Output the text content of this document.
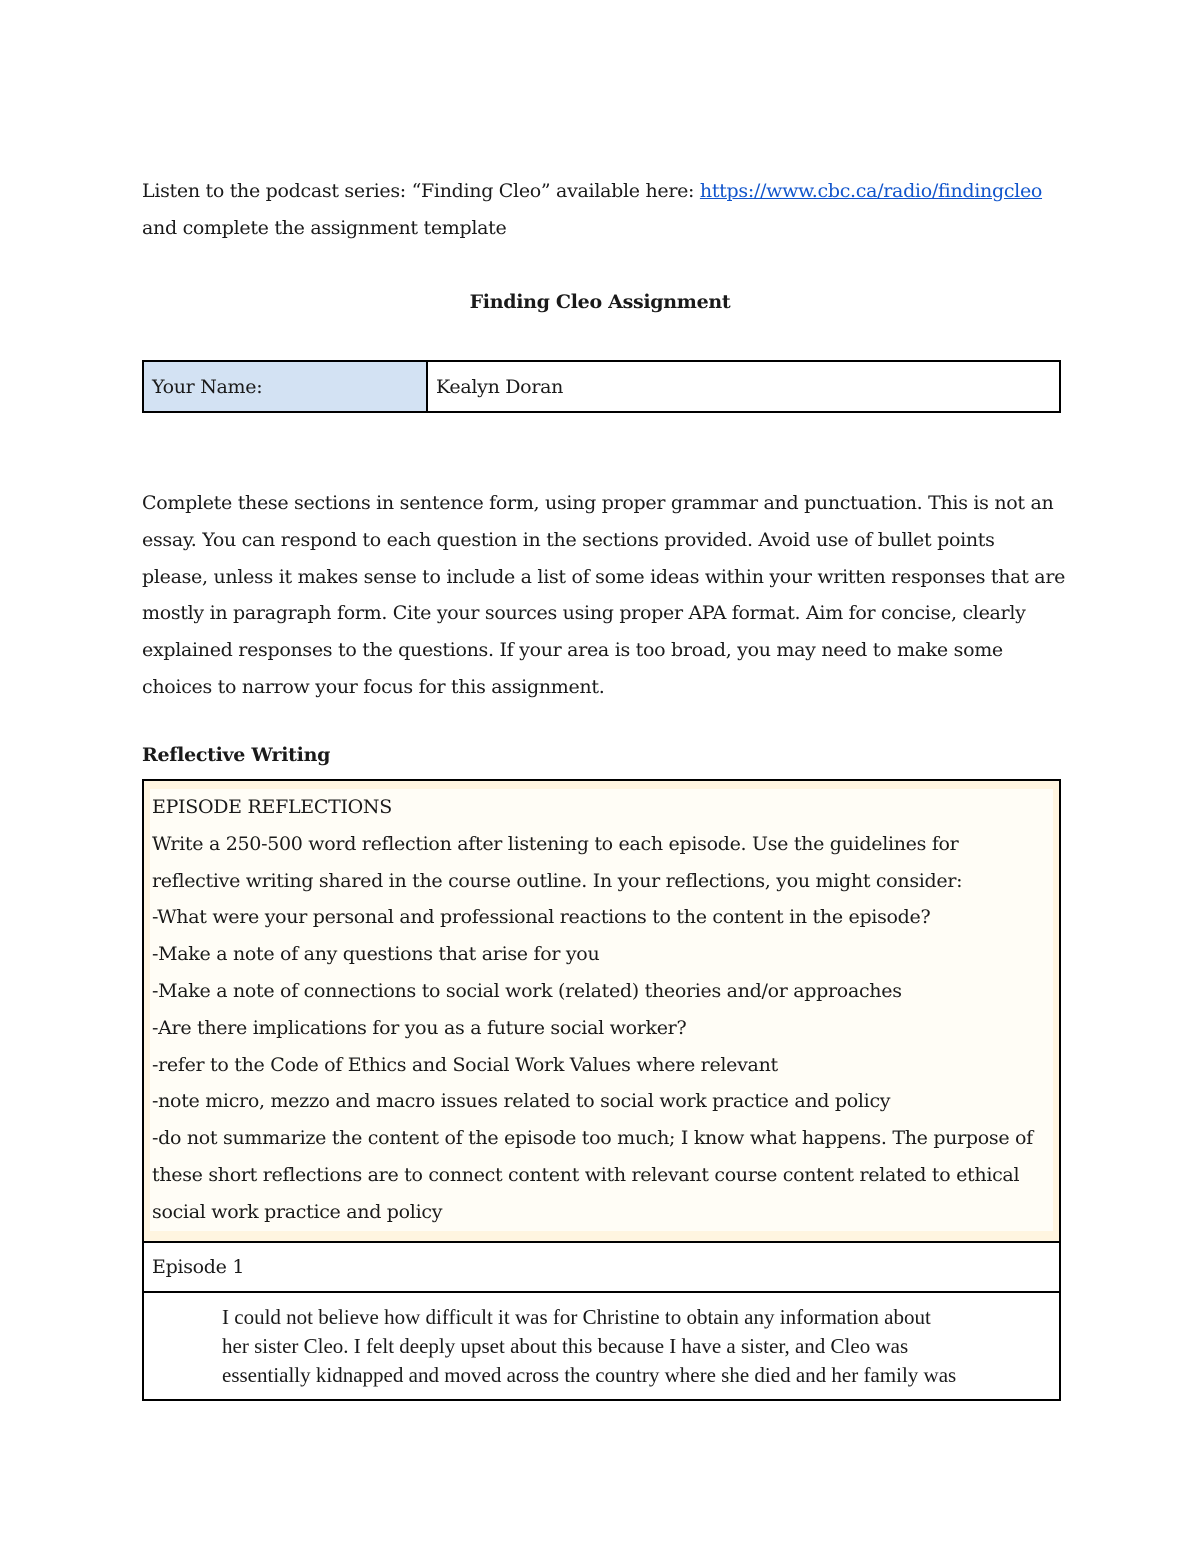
Listen to the podcast series: “Finding Cleo” available here: https://www.cbc.ca/radio/findingcleo

and complete the assignment template

Finding Cleo Assignment

Your Name:	Kealyn Doran
Complete these sections in sentence form, using proper grammar and punctuation. This is not an
essay. You can respond to each question in the sections provided. Avoid use of bullet points
please, unless it makes sense to include a list of some ideas within your written responses that are
mostly in paragraph form. Cite your sources using proper APA format. Aim for concise, clearly
explained responses to the questions. If your area is too broad, you may need to make some
choices to narrow your focus for this assignment.

Reflective Writing

EPISODE REFLECTIONS
Write a 250-500 word reflection after listening to each episode. Use the guidelines for
reflective writing shared in the course outline. In your reflections, you might consider:
-What were your personal and professional reactions to the content in the episode?
-Make a note of any questions that arise for you
-Make a note of connections to social work (related) theories and/or approaches
-Are there implications for you as a future social worker?
-refer to the Code of Ethics and Social Work Values where relevant
-note micro, mezzo and macro issues related to social work practice and policy
-do not summarize the content of the episode too much; I know what happens. The purpose of
these short reflections are to connect content with relevant course content related to ethical
social work practice and policy
Episode 1
I could not believe how difficult it was for Christine to obtain any information about
her sister Cleo. I felt deeply upset about this because I have a sister, and Cleo was
essentially kidnapped and moved across the country where she died and her family was
